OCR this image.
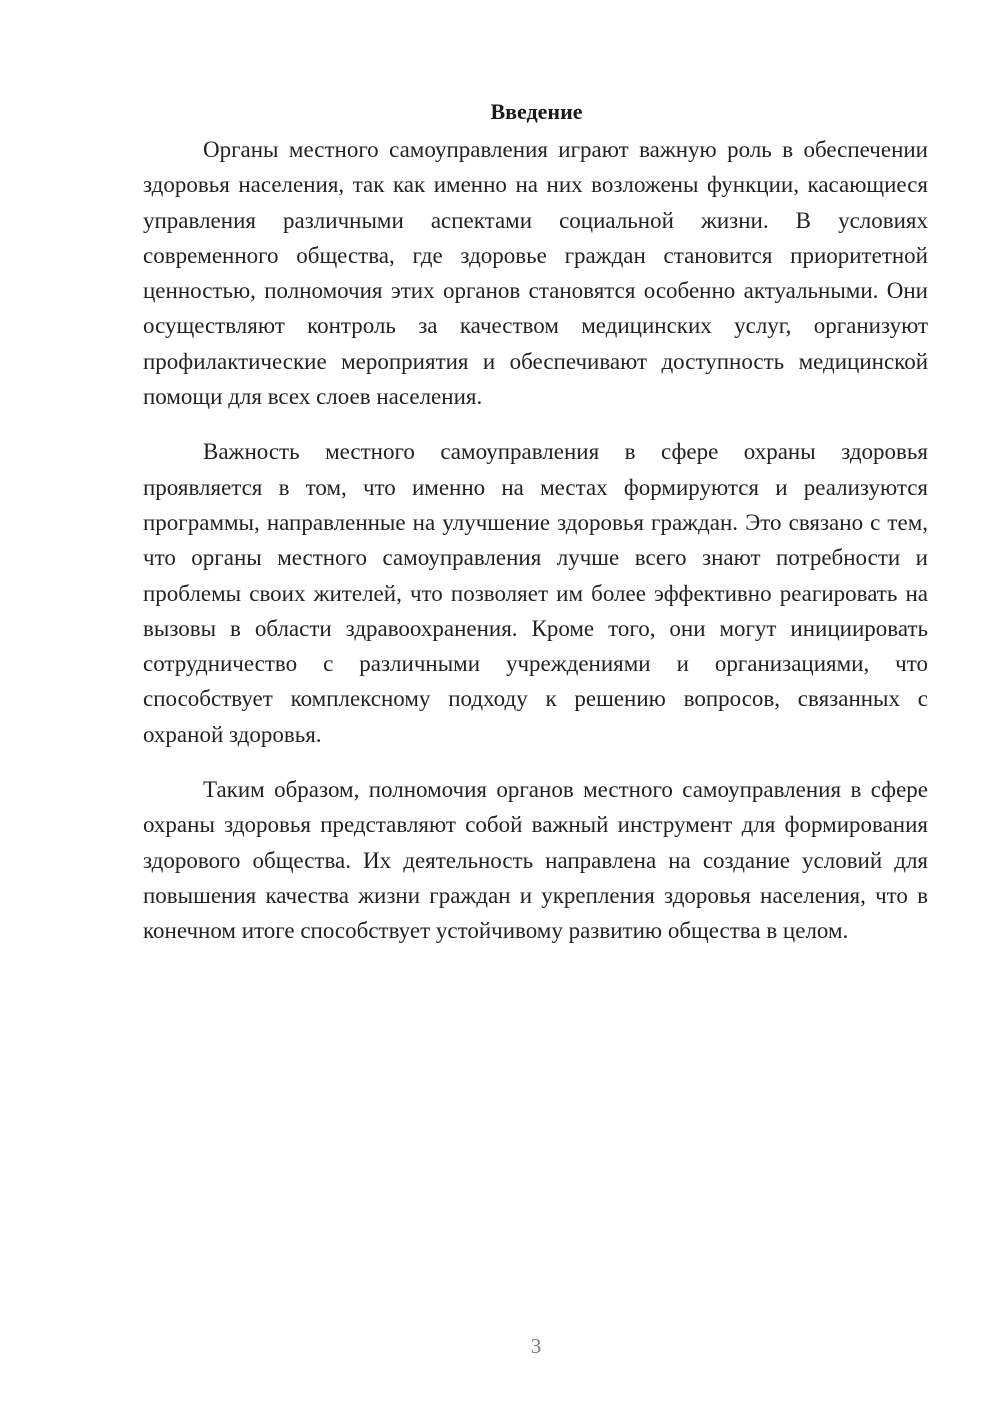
Введение

Органы местного самоуправления играют важную роль в обеспечении здоровья населения, так как именно на них возложены функции, касающиеся управления различными аспектами социальной жизни. В условиях современного общества, где здоровье граждан становится приоритетной ценностью, полномочия этих органов становятся особенно актуальными. Они осуществляют контроль за качеством медицинских услуг, организуют профилактические мероприятия и обеспечивают доступность медицинской помощи для всех слоев населения.

Важность местного самоуправления в сфере охраны здоровья проявляется в том, что именно на местах формируются и реализуются программы, направленные на улучшение здоровья граждан. Это связано с тем, что органы местного самоуправления лучше всего знают потребности и проблемы своих жителей, что позволяет им более эффективно реагировать на вызовы в области здравоохранения. Кроме того, они могут инициировать сотрудничество с различными учреждениями и организациями, что способствует комплексному подходу к решению вопросов, связанных с охраной здоровья.

Таким образом, полномочия органов местного самоуправления в сфере охраны здоровья представляют собой важный инструмент для формирования здорового общества. Их деятельность направлена на создание условий для повышения качества жизни граждан и укрепления здоровья населения, что в конечном итоге способствует устойчивому развитию общества в целом.

3
